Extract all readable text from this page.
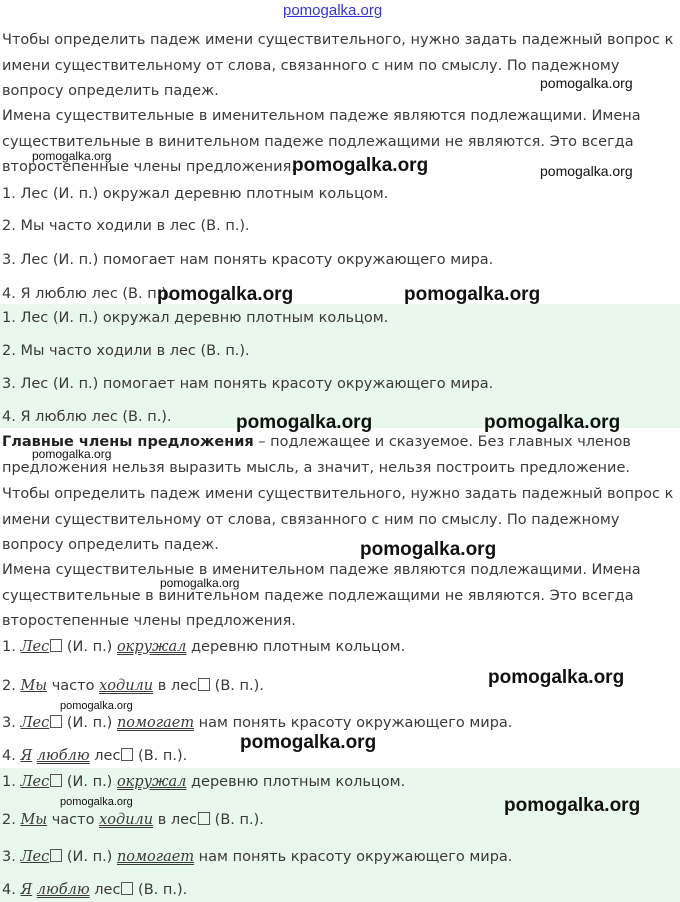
pomogalka.org
Чтобы определить падеж имени существительного, нужно задать падежный вопрос к имени существительному от слова, связанного с ним по смыслу. По падежному вопросу определить падеж.
Имена существительные в именительном падеже являются подлежащими. Имена существительные в винительном падеже подлежащими не являются. Это всегда второстепенные члены предложения.
1. Лес (И. п.) окружал деревню плотным кольцом.
2. Мы часто ходили в лес (В. п.).
3. Лес (И. п.) помогает нам понять красоту окружающего мира.
4. Я люблю лес (В. п.).
1. Лес (И. п.) окружал деревню плотным кольцом.
2. Мы часто ходили в лес (В. п.).
3. Лес (И. п.) помогает нам понять красоту окружающего мира.
4. Я люблю лес (В. п.).
Главные члены предложения – подлежащее и сказуемое. Без главных членов предложения нельзя выразить мысль, а значит, нельзя построить предложение.
Чтобы определить падеж имени существительного, нужно задать падежный вопрос к имени существительному от слова, связанного с ним по смыслу. По падежному вопросу определить падеж.
Имена существительные в именительном падеже являются подлежащими. Имена существительные в винительном падеже подлежащими не являются. Это всегда второстепенные члены предложения.
1. Лес (И. п.) окружал деревню плотным кольцом.
2. Мы часто ходили в лес (В. п.).
3. Лес (И. п.) помогает нам понять красоту окружающего мира.
4. Я люблю лес (В. п.).
1. Лес (И. п.) окружал деревню плотным кольцом.
2. Мы часто ходили в лес (В. п.).
3. Лес (И. п.) помогает нам понять красоту окружающего мира.
4. Я люблю лес (В. п.).
pomogalka.org
pomogalka.org	pomogalka.org	pomogalka.org
pomogalka.org	pomogalka.org
pomogalka.org	pomogalka.org
pomogalka.org
pomogalka.org
pomogalka.org
pomogalka.org
pomogalka.org
pomogalka.org
pomogalka.org	pomogalka.org
